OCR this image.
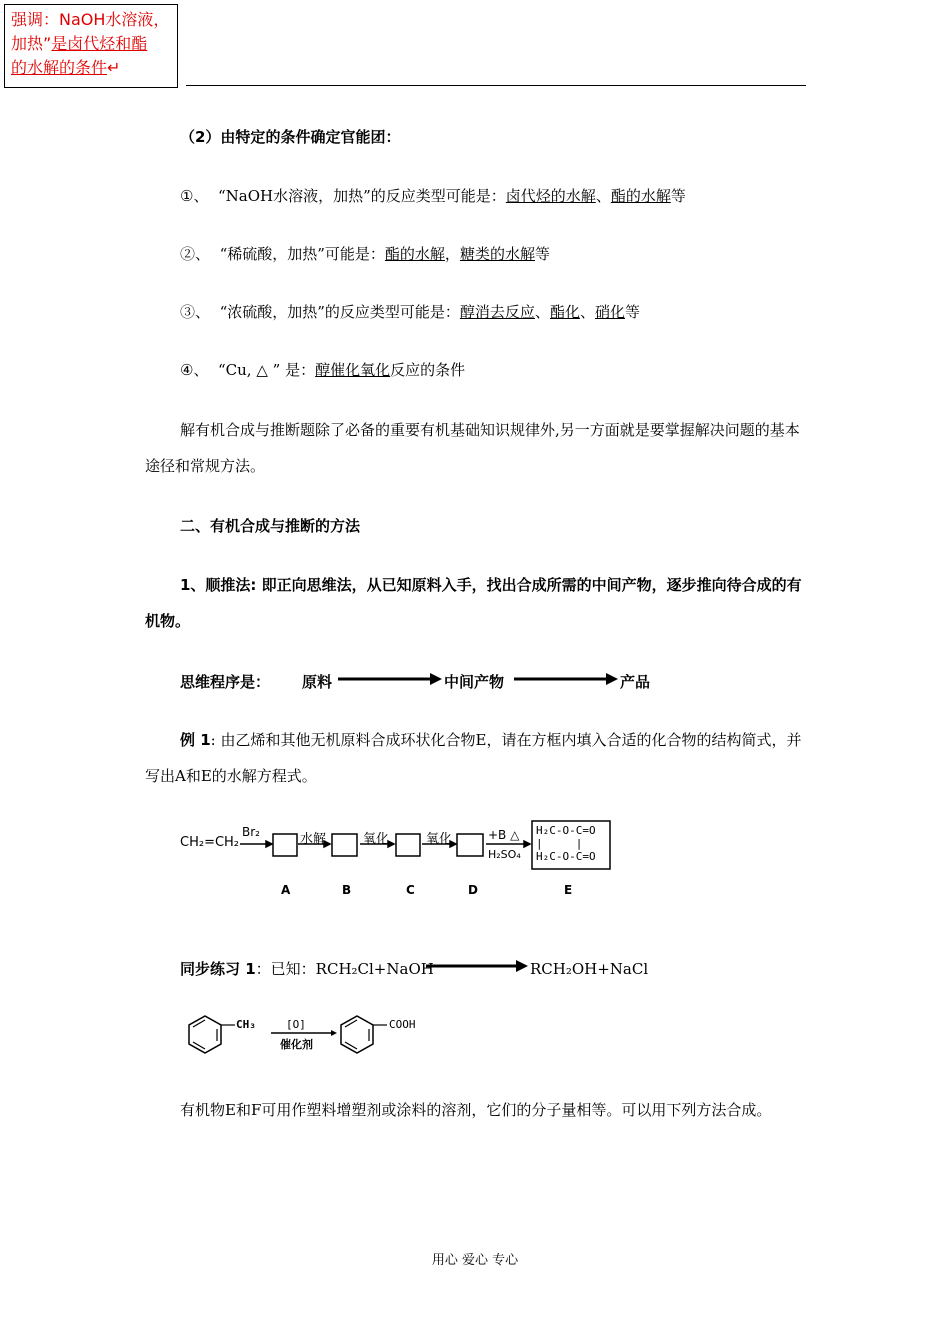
强调：NaOH水溶液，
加热”是卤代烃和酯
的水解的条件↵
（2）由特定的条件确定官能团：
①、 “NaOH水溶液，加热”的反应类型可能是：卤代烃的水解、酯的水解等
②、 “稀硫酸，加热”可能是：酯的水解，糖类的水解等
③、 “浓硫酸，加热”的反应类型可能是：醇消去反应、酯化、硝化等
④、 “Cu, △ ” 是：醇催化氧化反应的条件
解有机合成与推断题除了必备的重要有机基础知识规律外,另一方面就是要掌握解决问题的基本途径和常规方法。
二、有机合成与推断的方法
1、顺推法: 即正向思维法，从已知原料入手，找出合成所需的中间产物，逐步推向待合成的有机物。
思维程序是： 原料	中间产物	产品
例 1: 由乙烯和其他无机原料合成环状化合物E，请在方框内填入合适的化合物的结构简式，并写出A和E的水解方程式。
CH₂=CH₂
Br₂	水解	氧化	氧化	+B △
H₂SO₄
H₂C-O-C=O
|     |
H₂C-O-C=O
A	B	C	D	E
同步练习 1：已知：RCH₂Cl+NaOH	RCH₂OH+NaCl
CH₃	[O]
催化剂
COOH
有机物E和F可用作塑料增塑剂或涂料的溶剂，它们的分子量相等。可以用下列方法合成。
用心 爱心 专心
